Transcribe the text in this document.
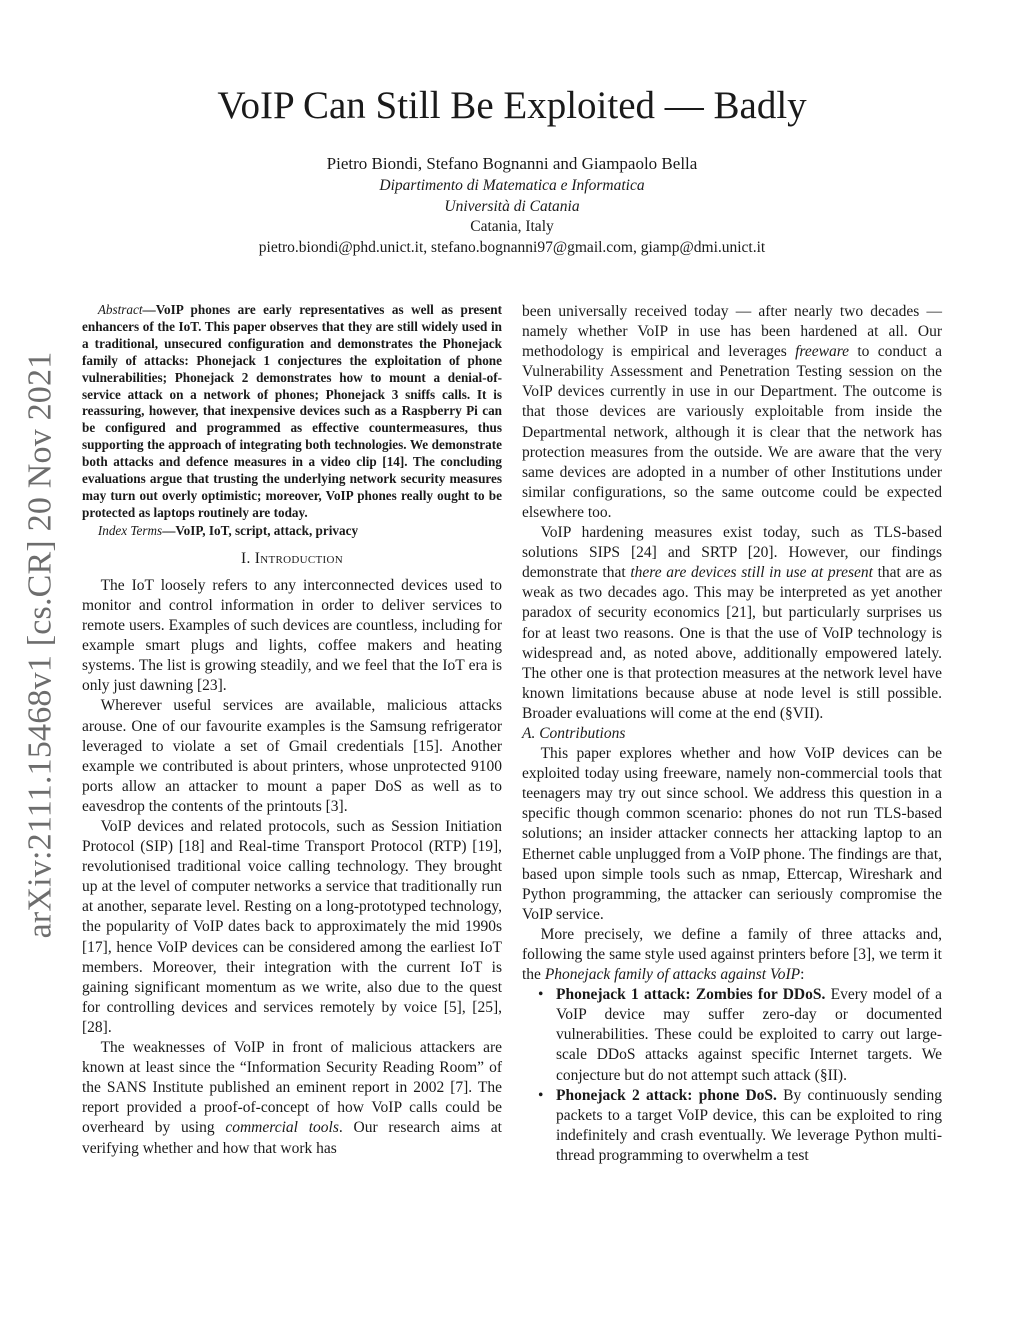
arXiv:2111.15468v1 [cs.CR] 20 Nov 2021
VoIP Can Still Be Exploited — Badly
Pietro Biondi, Stefano Bognanni and Giampaolo Bella
Dipartimento di Matematica e Informatica
Università di Catania
Catania, Italy
pietro.biondi@phd.unict.it, stefano.bognanni97@gmail.com, giamp@dmi.unict.it

Abstract—VoIP phones are early representatives as well as present enhancers of the IoT. This paper observes that they are still widely used in a traditional, unsecured configuration and demonstrates the Phonejack family of attacks: Phonejack 1 conjectures the exploitation of phone vulnerabilities; Phonejack 2 demonstrates how to mount a denial-of-service attack on a network of phones; Phonejack 3 sniffs calls. It is reassuring, however, that inexpensive devices such as a Raspberry Pi can be configured and programmed as effective countermeasures, thus supporting the approach of integrating both technologies. We demonstrate both attacks and defence measures in a video clip [14]. The concluding evaluations argue that trusting the underlying network security measures may turn out overly optimistic; moreover, VoIP phones really ought to be protected as laptops routinely are today.

Index Terms—VoIP, IoT, script, attack, privacy

I. Introduction

The IoT loosely refers to any interconnected devices used to monitor and control information in order to deliver services to remote users. Examples of such devices are countless, including for example smart plugs and lights, coffee makers and heating systems. The list is growing steadily, and we feel that the IoT era is only just dawning [23].

Wherever useful services are available, malicious attacks arouse. One of our favourite examples is the Samsung refrigerator leveraged to violate a set of Gmail credentials [15]. Another example we contributed is about printers, whose unprotected 9100 ports allow an attacker to mount a paper DoS as well as to eavesdrop the contents of the printouts [3].

VoIP devices and related protocols, such as Session Initiation Protocol (SIP) [18] and Real-time Transport Protocol (RTP) [19], revolutionised traditional voice calling technology. They brought up at the level of computer networks a service that traditionally run at another, separate level. Resting on a long-prototyped technology, the popularity of VoIP dates back to approximately the mid 1990s [17], hence VoIP devices can be considered among the earliest IoT members. Moreover, their integration with the current IoT is gaining significant momentum as we write, also due to the quest for controlling devices and services remotely by voice [5], [25], [28].

The weaknesses of VoIP in front of malicious attackers are known at least since the “Information Security Reading Room” of the SANS Institute published an eminent report in 2002 [7]. The report provided a proof-of-concept of how VoIP calls could be overheard by using commercial tools. Our research aims at verifying whether and how that work has

been universally received today — after nearly two decades — namely whether VoIP in use has been hardened at all. Our methodology is empirical and leverages freeware to conduct a Vulnerability Assessment and Penetration Testing session on the VoIP devices currently in use in our Department. The outcome is that those devices are variously exploitable from inside the Departmental network, although it is clear that the network has protection measures from the outside. We are aware that the very same devices are adopted in a number of other Institutions under similar configurations, so the same outcome could be expected elsewhere too.

VoIP hardening measures exist today, such as TLS-based solutions SIPS [24] and SRTP [20]. However, our findings demonstrate that there are devices still in use at present that are as weak as two decades ago. This may be interpreted as yet another paradox of security economics [21], but particularly surprises us for at least two reasons. One is that the use of VoIP technology is widespread and, as noted above, additionally empowered lately. The other one is that protection measures at the network level have known limitations because abuse at node level is still possible. Broader evaluations will come at the end (§VII).

A. Contributions

This paper explores whether and how VoIP devices can be exploited today using freeware, namely non-commercial tools that teenagers may try out since school. We address this question in a specific though common scenario: phones do not run TLS-based solutions; an insider attacker connects her attacking laptop to an Ethernet cable unplugged from a VoIP phone. The findings are that, based upon simple tools such as nmap, Ettercap, Wireshark and Python programming, the attacker can seriously compromise the VoIP service.

More precisely, we define a family of three attacks and, following the same style used against printers before [3], we term it the Phonejack family of attacks against VoIP:

• Phonejack 1 attack: Zombies for DDoS. Every model of a VoIP device may suffer zero-day or documented vulnerabilities. These could be exploited to carry out large-scale DDoS attacks against specific Internet targets. We conjecture but do not attempt such attack (§II).
• Phonejack 2 attack: phone DoS. By continuously sending packets to a target VoIP device, this can be exploited to ring indefinitely and crash eventually. We leverage Python multi-thread programming to overwhelm a test
